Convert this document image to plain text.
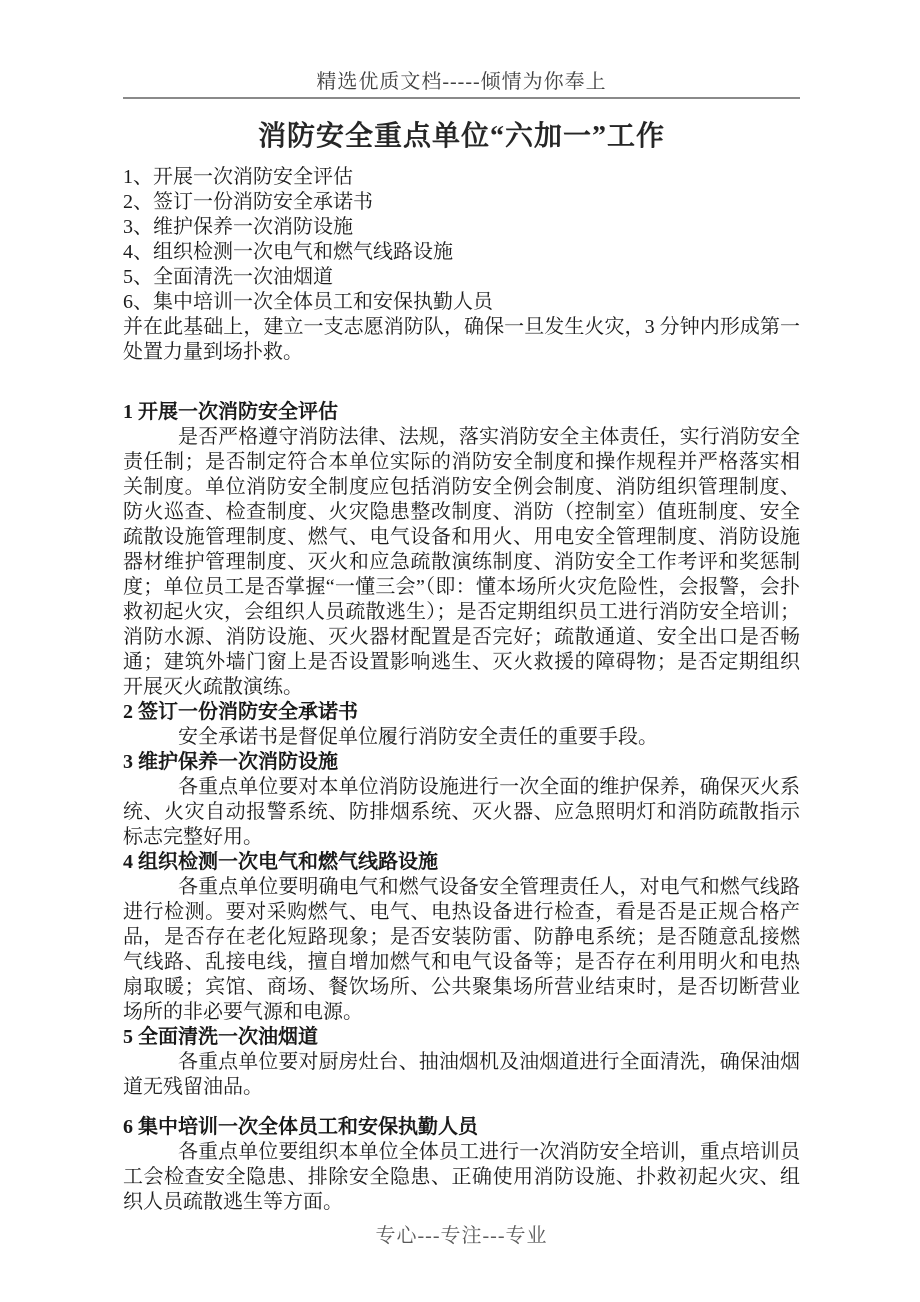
精选优质文档-----倾情为你奉上
消防安全重点单位“六加一”工作
1、开展一次消防安全评估
2、签订一份消防安全承诺书
3、维护保养一次消防设施
4、组织检测一次电气和燃气线路设施
5、全面清洗一次油烟道
6、集中培训一次全体员工和安保执勤人员

并在此基础上，建立一支志愿消防队，确保一旦发生火灾，3 分钟内形成第一处置力量到场扑救。

1 开展一次消防安全评估

是否严格遵守消防法律、法规，落实消防安全主体责任，实行消防安全责任制；是否制定符合本单位实际的消防安全制度和操作规程并严格落实相关制度。单位消防安全制度应包括消防安全例会制度、消防组织管理制度、防火巡查、检查制度、火灾隐患整改制度、消防（控制室）值班制度、安全疏散设施管理制度、燃气、电气设备和用火、用电安全管理制度、消防设施器材维护管理制度、灭火和应急疏散演练制度、消防安全工作考评和奖惩制度；单位员工是否掌握“一懂三会”（即：懂本场所火灾危险性，会报警，会扑救初起火灾，会组织人员疏散逃生）；是否定期组织员工进行消防安全培训；消防水源、消防设施、灭火器材配置是否完好；疏散通道、安全出口是否畅通；建筑外墙门窗上是否设置影响逃生、灭火救援的障碍物；是否定期组织开展灭火疏散演练。

2 签订一份消防安全承诺书

安全承诺书是督促单位履行消防安全责任的重要手段。

3 维护保养一次消防设施

各重点单位要对本单位消防设施进行一次全面的维护保养，确保灭火系统、火灾自动报警系统、防排烟系统、灭火器、应急照明灯和消防疏散指示标志完整好用。

4 组织检测一次电气和燃气线路设施

各重点单位要明确电气和燃气设备安全管理责任人，对电气和燃气线路进行检测。要对采购燃气、电气、电热设备进行检查，看是否是正规合格产品，是否存在老化短路现象；是否安装防雷、防静电系统；是否随意乱接燃气线路、乱接电线，擅自增加燃气和电气设备等；是否存在利用明火和电热扇取暖；宾馆、商场、餐饮场所、公共聚集场所营业结束时，是否切断营业场所的非必要气源和电源。

5 全面清洗一次油烟道

各重点单位要对厨房灶台、抽油烟机及油烟道进行全面清洗，确保油烟道无残留油品。

6 集中培训一次全体员工和安保执勤人员

各重点单位要组织本单位全体员工进行一次消防安全培训，重点培训员工会检查安全隐患、排除安全隐患、正确使用消防设施、扑救初起火灾、组织人员疏散逃生等方面。

专心---专注---专业
